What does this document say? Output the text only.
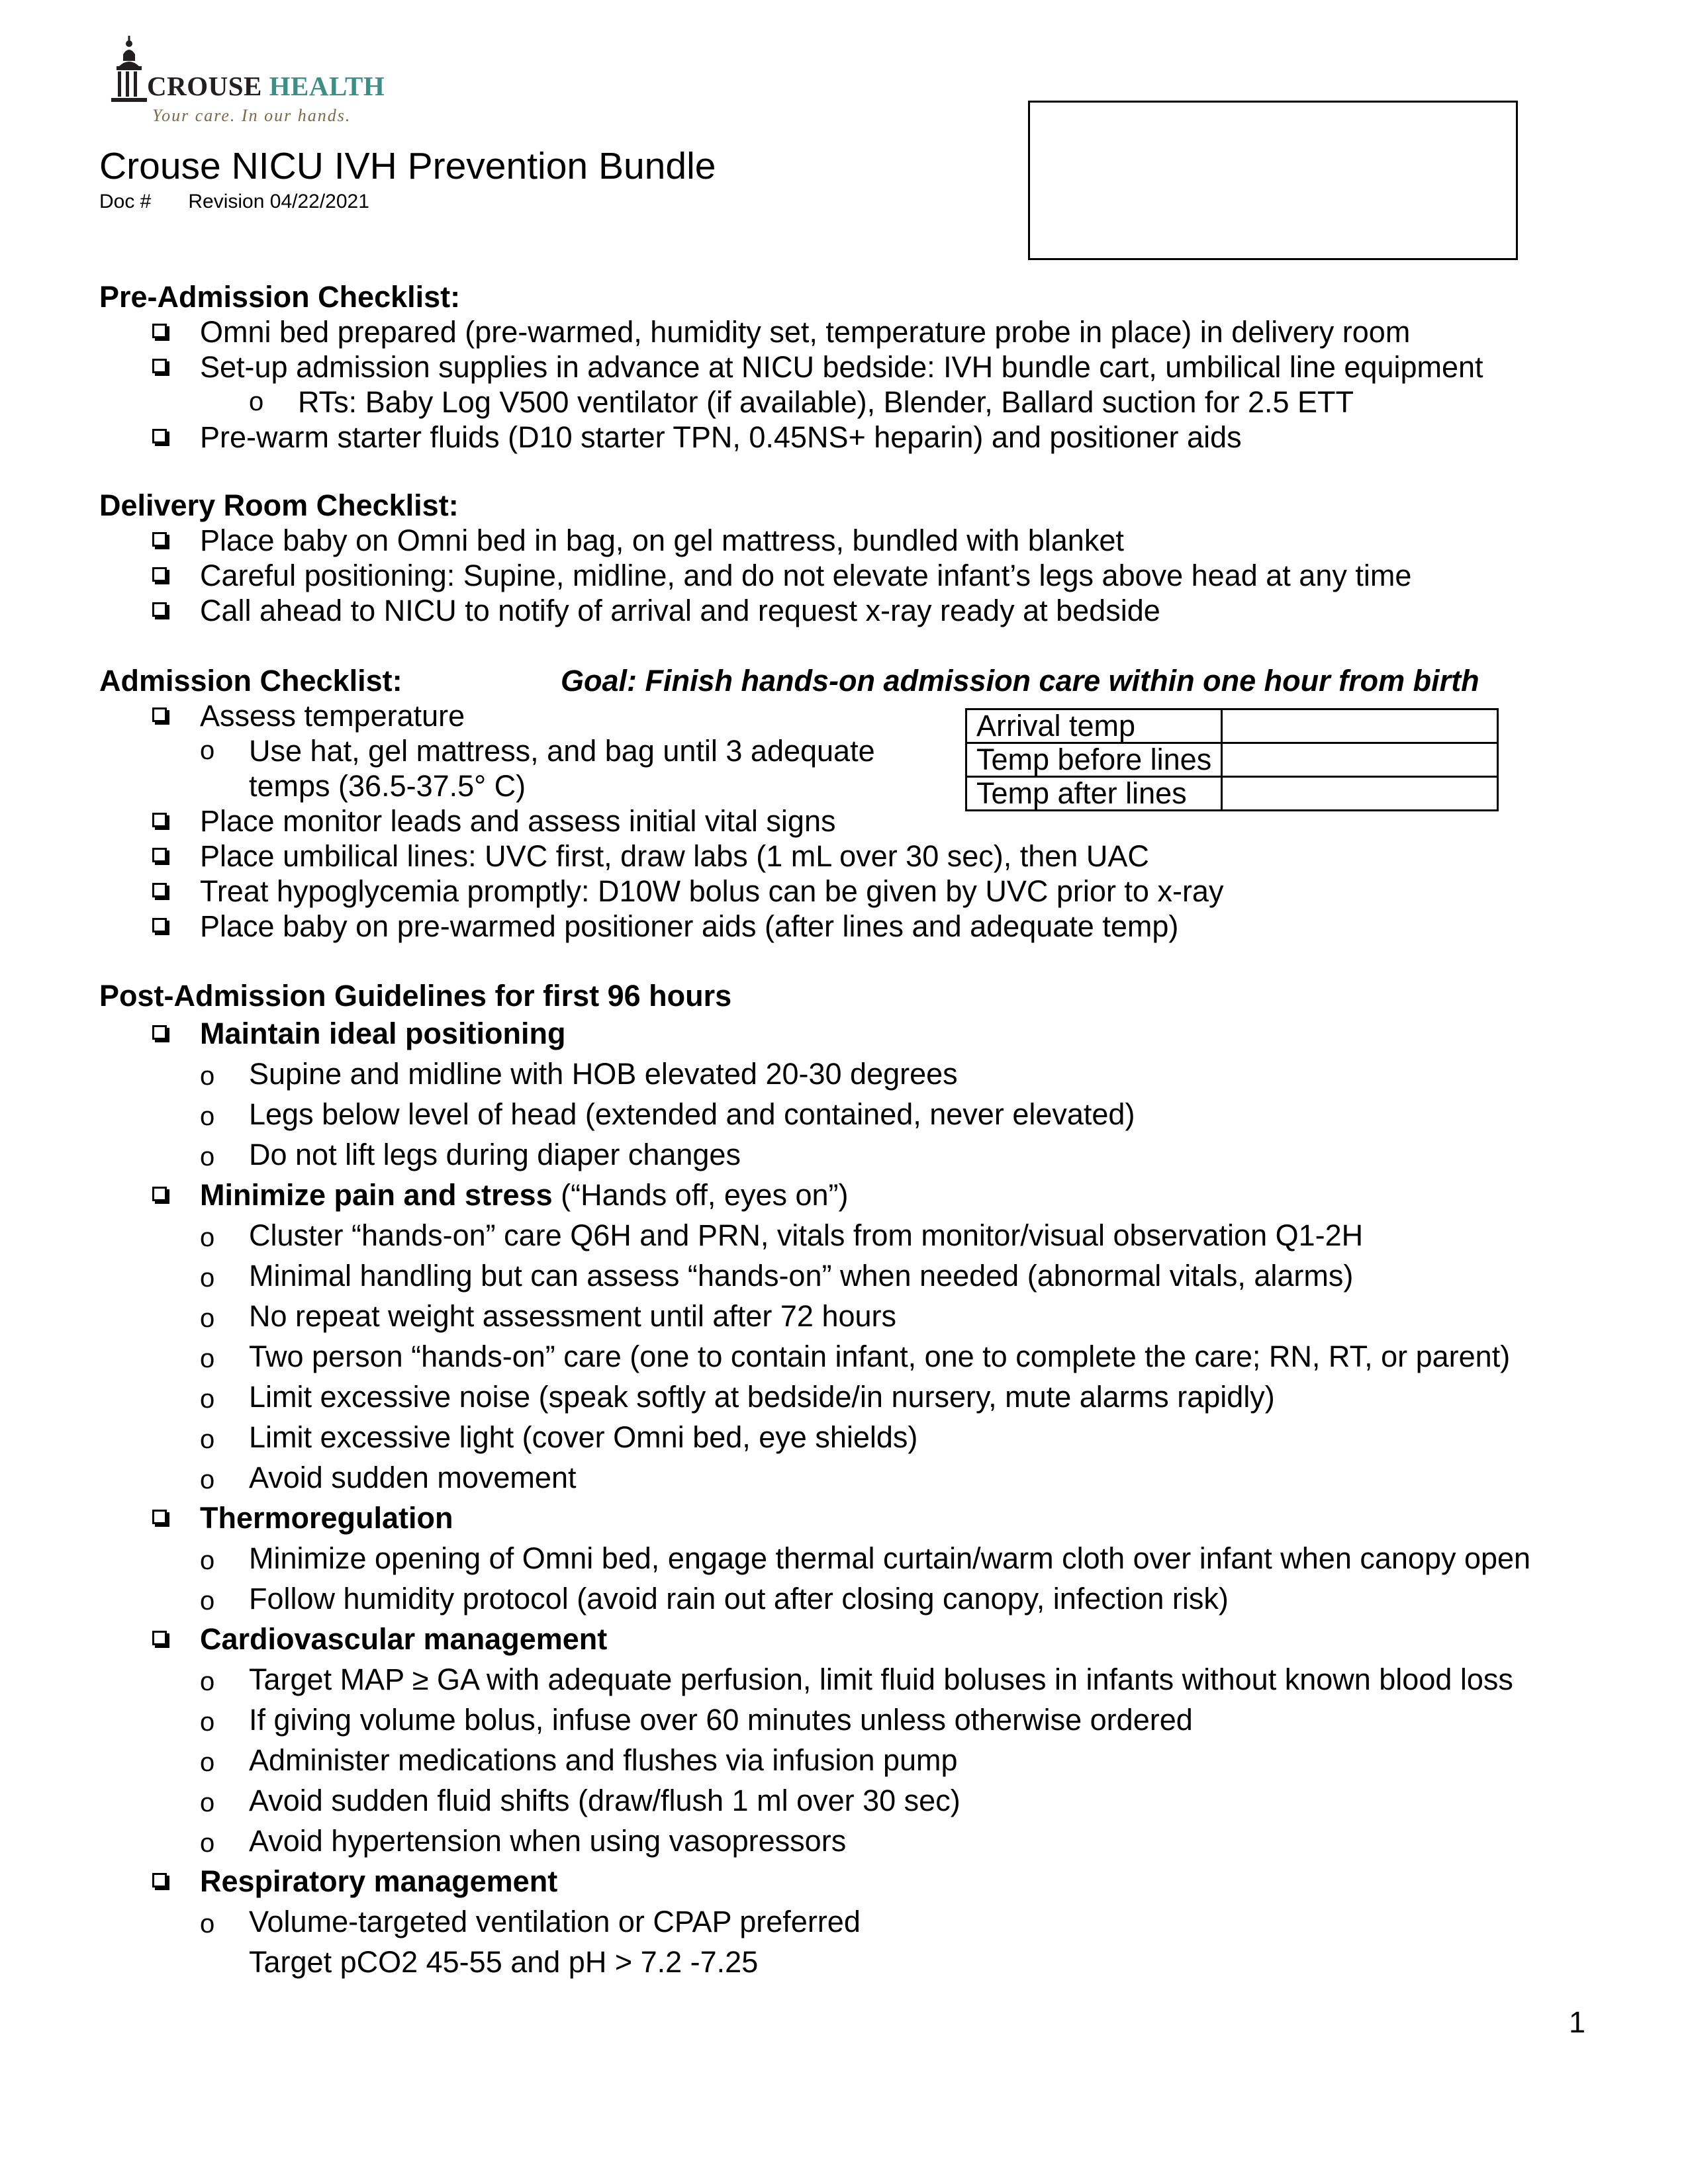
CROUSE HEALTH
Your care. In our hands.
Crouse NICU IVH Prevention Bundle
Doc # Revision 04/22/2021
Pre-Admission Checklist:
Omni bed prepared (pre-warmed, humidity set, temperature probe in place) in delivery room
Set-up admission supplies in advance at NICU bedside: IVH bundle cart, umbilical line equipment
o RTs: Baby Log V500 ventilator (if available), Blender, Ballard suction for 2.5 ETT
Pre-warm starter fluids (D10 starter TPN, 0.45NS+ heparin) and positioner aids
Delivery Room Checklist:
Place baby on Omni bed in bag, on gel mattress, bundled with blanket
Careful positioning: Supine, midline, and do not elevate infant’s legs above head at any time
Call ahead to NICU to notify of arrival and request x-ray ready at bedside
Admission Checklist:	Goal: Finish hands-on admission care within one hour from birth
Assess temperature
o Use hat, gel mattress, and bag until 3 adequate
temps (36.5-37.5° C)
Place monitor leads and assess initial vital signs
Place umbilical lines: UVC first, draw labs (1 mL over 30 sec), then UAC
Treat hypoglycemia promptly: D10W bolus can be given by UVC prior to x-ray
Place baby on pre-warmed positioner aids (after lines and adequate temp)
Arrival temp	
Temp before lines	
Temp after lines	
Post-Admission Guidelines for first 96 hours
Maintain ideal positioning
o Supine and midline with HOB elevated 20-30 degrees
o Legs below level of head (extended and contained, never elevated)
o Do not lift legs during diaper changes
Minimize pain and stress (“Hands off, eyes on”)
o Cluster “hands-on” care Q6H and PRN, vitals from monitor/visual observation Q1-2H
o Minimal handling but can assess “hands-on” when needed (abnormal vitals, alarms)
o No repeat weight assessment until after 72 hours
o Two person “hands-on” care (one to contain infant, one to complete the care; RN, RT, or parent)
o Limit excessive noise (speak softly at bedside/in nursery, mute alarms rapidly)
o Limit excessive light (cover Omni bed, eye shields)
o Avoid sudden movement
Thermoregulation
o Minimize opening of Omni bed, engage thermal curtain/warm cloth over infant when canopy open
o Follow humidity protocol (avoid rain out after closing canopy, infection risk)
Cardiovascular management
o Target MAP ≥ GA with adequate perfusion, limit fluid boluses in infants without known blood loss
o If giving volume bolus, infuse over 60 minutes unless otherwise ordered
o Administer medications and flushes via infusion pump
o Avoid sudden fluid shifts (draw/flush 1 ml over 30 sec)
o Avoid hypertension when using vasopressors
Respiratory management
o Volume-targeted ventilation or CPAP preferred
Target pCO2 45-55 and pH > 7.2 -7.25
1
